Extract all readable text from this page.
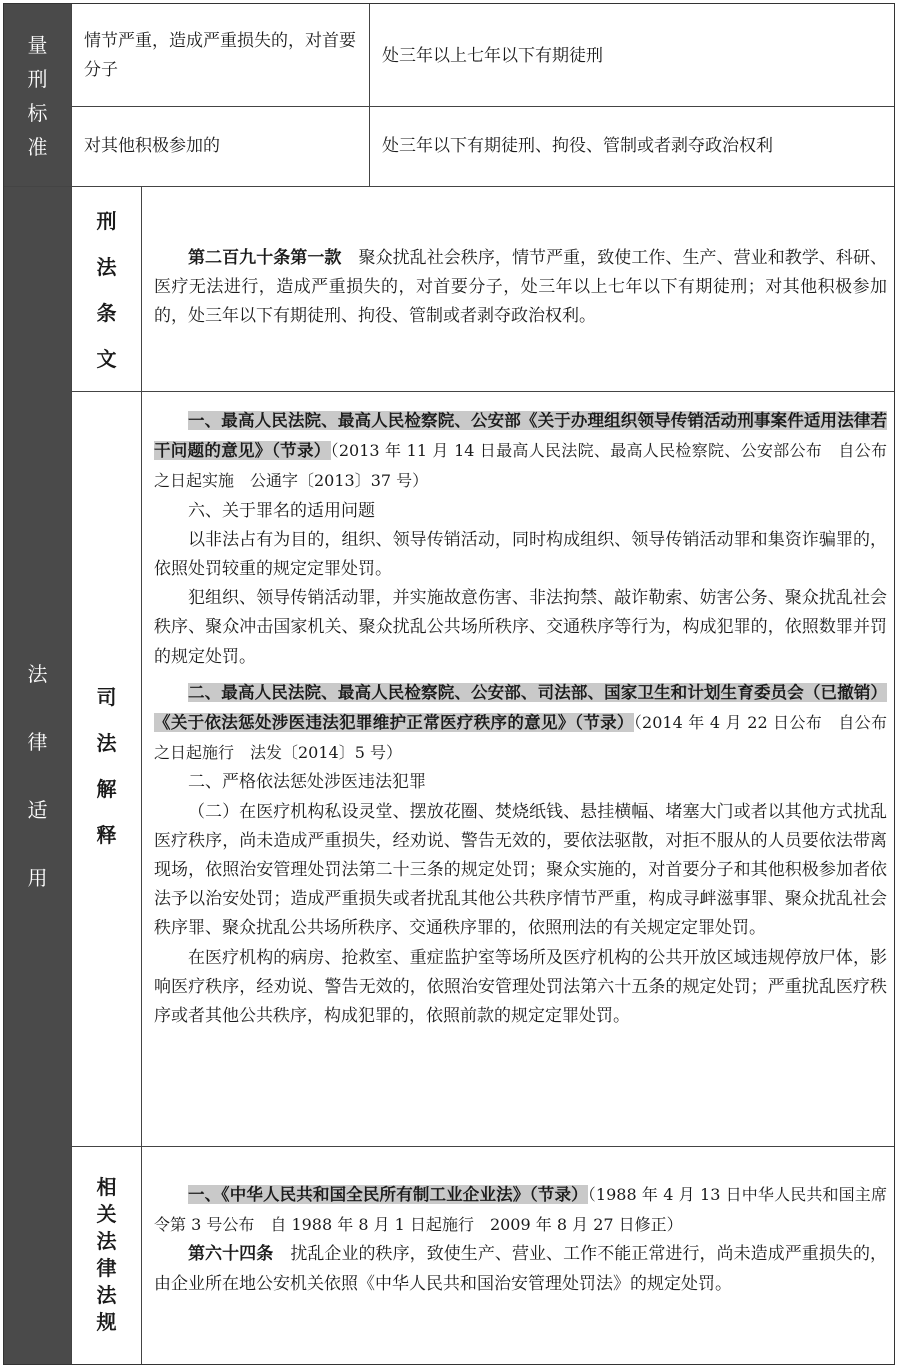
量
刑
标
准
情节严重，造成严重损失的，对首要分子
处三年以上七年以下有期徒刑
对其他积极参加的	处三年以下有期徒刑、拘役、管制或者剥夺政治权利
法
律
适
用
刑
法
条
文

第二百九十条第一款　 聚众扰乱社会秩序，情节严重，致使工作、生产、营业和教学、科研、医疗无法进行，造成严重损失的，对首要分子，处三年以上七年以下有期徒刑；对其他积极参加的，处三年以下有期徒刑、拘役、管制或者剥夺政治权利。

司
法
解
释

一、最高人民法院、最高人民检察院、公安部《关于办理组织领导传销活动刑事案件适用法律若干问题的意见》（节录）（2013 年 11 月 14 日最高人民法院、最高人民检察院、公安部公布　自公布之日起实施　公通字〔2013〕37 号）

六、关于罪名的适用问题

以非法占有为目的，组织、领导传销活动，同时构成组织、领导传销活动罪和集资诈骗罪的，依照处罚较重的规定定罪处罚。

犯组织、领导传销活动罪，并实施故意伤害、非法拘禁、敲诈勒索、妨害公务、聚众扰乱社会秩序、聚众冲击国家机关、聚众扰乱公共场所秩序、交通秩序等行为，构成犯罪的，依照数罪并罚的规定处罚。

二、最高人民法院、最高人民检察院、公安部、司法部、国家卫生和计划生育委员会（已撤销）《关于依法惩处涉医违法犯罪维护正常医疗秩序的意见》（节录）（2014 年 4 月 22 日公布　自公布之日起施行　法发〔2014〕5 号）

二、严格依法惩处涉医违法犯罪

（二）在医疗机构私设灵堂、摆放花圈、焚烧纸钱、悬挂横幅、堵塞大门或者以其他方式扰乱医疗秩序，尚未造成严重损失，经劝说、警告无效的，要依法驱散，对拒不服从的人员要依法带离现场，依照治安管理处罚法第二十三条的规定处罚；聚众实施的，对首要分子和其他积极参加者依法予以治安处罚；造成严重损失或者扰乱其他公共秩序情节严重，构成寻衅滋事罪、聚众扰乱社会秩序罪、聚众扰乱公共场所秩序、交通秩序罪的，依照刑法的有关规定定罪处罚。

在医疗机构的病房、抢救室、重症监护室等场所及医疗机构的公共开放区域违规停放尸体，影响医疗秩序，经劝说、警告无效的，依照治安管理处罚法第六十五条的规定处罚；严重扰乱医疗秩序或者其他公共秩序，构成犯罪的，依照前款的规定定罪处罚。

相
关
法
律
法
规

一、《中华人民共和国全民所有制工业企业法》（节录）（1988 年 4 月 13 日中华人民共和国主席令第 3 号公布　自 1988 年 8 月 1 日起施行　2009 年 8 月 27 日修正）

第六十四条　 扰乱企业的秩序，致使生产、营业、工作不能正常进行，尚未造成严重损失的，由企业所在地公安机关依照《中华人民共和国治安管理处罚法》的规定处罚。
